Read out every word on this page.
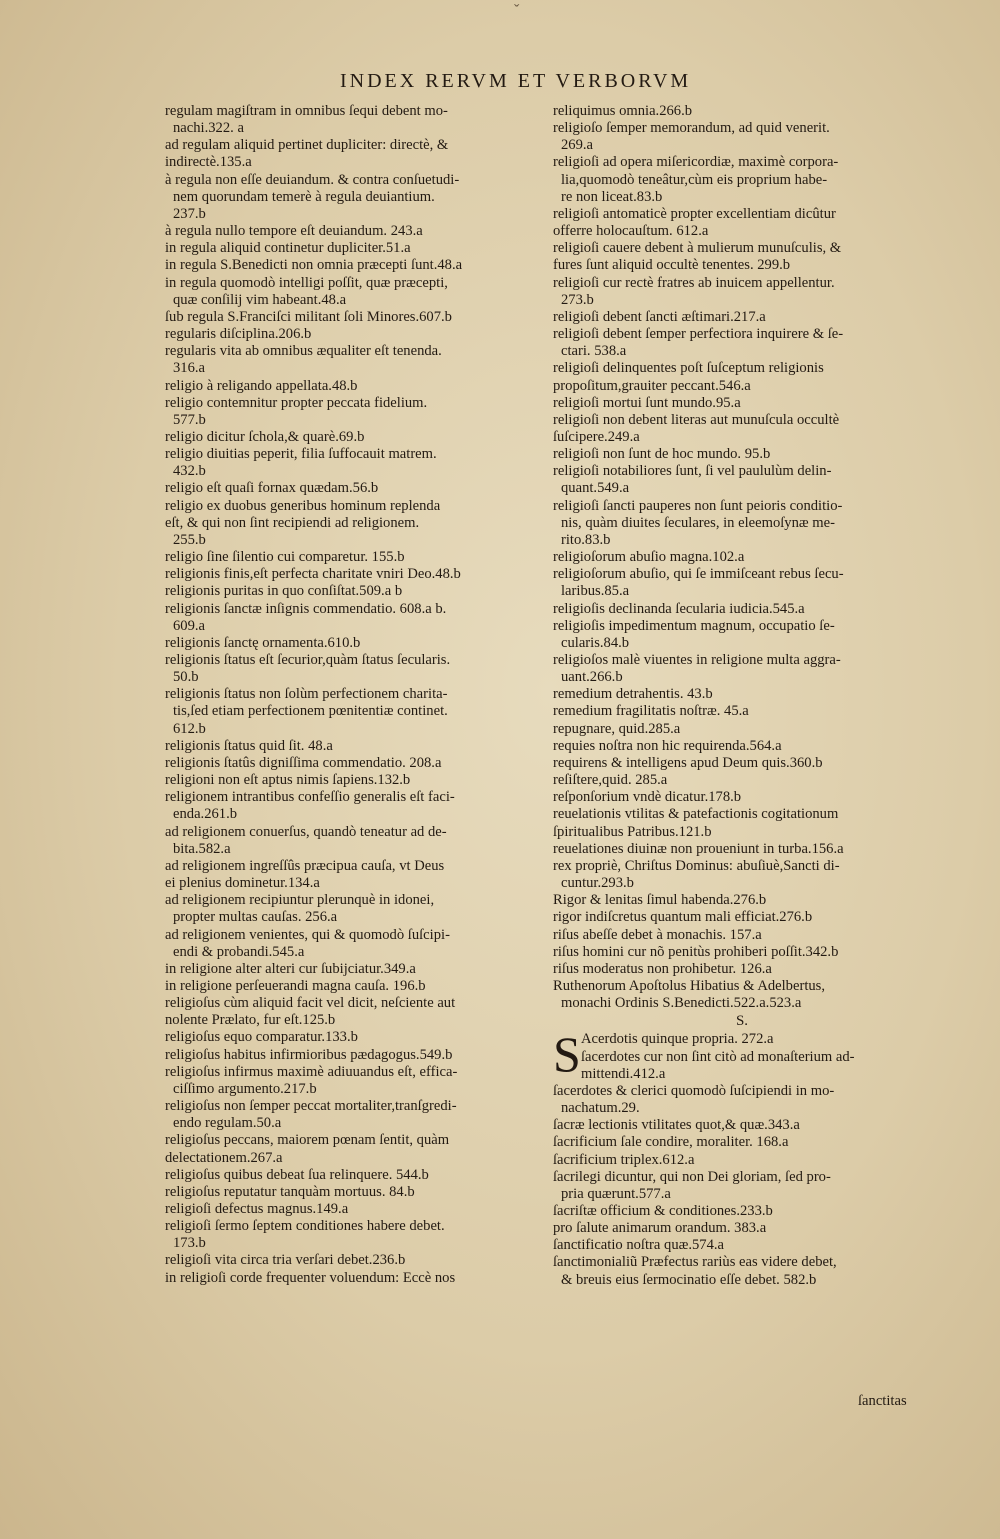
ˇ
INDEX RERVM ET VERBORVM
regulam magiſtram in omnibus ſequi debent mo-
nachi.322. a
ad regulam aliquid pertinet dupliciter: directè, &
indirectè.135.a
à regula non eſſe deuiandum. & contra conſuetudi-
nem quorundam temerè à regula deuiantium.
237.b
à regula nullo tempore eſt deuiandum. 243.a
in regula aliquid continetur dupliciter.51.a
in regula S.Benedicti non omnia præcepti ſunt.48.a
in regula quomodò intelligi poſſit, quæ præcepti,
quæ conſilij vim habeant.48.a
ſub regula S.Franciſci militant ſoli Minores.607.b
regularis diſciplina.206.b
regularis vita ab omnibus æqualiter eſt tenenda.
316.a
religio à religando appellata.48.b
religio contemnitur propter peccata fidelium.
577.b
religio dicitur ſchola,& quarè.69.b
religio diuitias peperit, filia ſuffocauit matrem.
432.b
religio eſt quaſi fornax quædam.56.b
religio ex duobus generibus hominum replenda
eſt, & qui non ſint recipiendi ad religionem.
255.b
religio ſine ſilentio cui comparetur. 155.b
religionis finis,eſt perfecta charitate vniri Deo.48.b
religionis puritas in quo conſiſtat.509.a b
religionis ſanctæ inſignis commendatio. 608.a b.
609.a
religionis ſanctę ornamenta.610.b
religionis ſtatus eſt ſecurior,quàm ſtatus ſecularis.
50.b
religionis ſtatus non ſolùm perfectionem charita-
tis,ſed etiam perfectionem pœnitentiæ continet.
612.b
religionis ſtatus quid ſit. 48.a
religionis ſtatûs digniſſima commendatio. 208.a
religioni non eſt aptus nimis ſapiens.132.b
religionem intrantibus confeſſio generalis eſt faci-
enda.261.b
ad religionem conuerſus, quandò teneatur ad de-
bita.582.a
ad religionem ingreſſûs præcipua cauſa, vt Deus
ei plenius dominetur.134.a
ad religionem recipiuntur plerunquè in idonei,
propter multas cauſas. 256.a
ad religionem venientes, qui & quomodò ſuſcipi-
endi & probandi.545.a
in religione alter alteri cur ſubijciatur.349.a
in religione perſeuerandi magna cauſa. 196.b
religioſus cùm aliquid facit vel dicit, neſciente aut
nolente Prælato, fur eſt.125.b
religioſus equo comparatur.133.b
religioſus habitus infirmioribus pædagogus.549.b
religioſus infirmus maximè adiuuandus eſt, effica-
ciſſimo argumento.217.b
religioſus non ſemper peccat mortaliter,tranſgredi-
endo regulam.50.a
religioſus peccans, maiorem pœnam ſentit, quàm
delectationem.267.a
religioſus quibus debeat ſua relinquere. 544.b
religioſus reputatur tanquàm mortuus. 84.b
religioſi defectus magnus.149.a
religioſi ſermo ſeptem conditiones habere debet.
173.b
religioſi vita circa tria verſari debet.236.b
in religioſi corde frequenter voluendum: Eccè nos
reliquimus omnia.266.b
religioſo ſemper memorandum, ad quid venerit.
269.a
religioſi ad opera miſericordiæ, maximè corpora-
lia,quomodò teneâtur,cùm eis proprium habe-
re non liceat.83.b
religioſi antomaticè propter excellentiam dicûtur
offerre holocauſtum. 612.a
religioſi cauere debent à mulierum munuſculis, &
fures ſunt aliquid occultè tenentes. 299.b
religioſi cur rectè fratres ab inuicem appellentur.
273.b
religioſi debent ſancti æſtimari.217.a
religioſi debent ſemper perfectiora inquirere & ſe-
ctari. 538.a
religioſi delinquentes poſt ſuſceptum religionis
propoſitum,grauiter peccant.546.a
religioſi mortui ſunt mundo.95.a
religioſi non debent literas aut munuſcula occultè
ſuſcipere.249.a
religioſi non ſunt de hoc mundo. 95.b
religioſi notabiliores ſunt, ſi vel paululùm delin-
quant.549.a
religioſi ſancti pauperes non ſunt peioris conditio-
nis, quàm diuites ſeculares, in eleemoſynæ me-
rito.83.b
religioſorum abuſio magna.102.a
religioſorum abuſio, qui ſe immiſceant rebus ſecu-
laribus.85.a
religioſis declinanda ſecularia iudicia.545.a
religioſis impedimentum magnum, occupatio ſe-
cularis.84.b
religioſos malè viuentes in religione multa aggra-
uant.266.b
remedium detrahentis. 43.b
remedium fragilitatis noſtræ. 45.a
repugnare, quid.285.a
requies noſtra non hic requirenda.564.a
requirens & intelligens apud Deum quis.360.b
reſiſtere,quid. 285.a
reſponſorium vndè dicatur.178.b
reuelationis vtilitas & patefactionis cogitationum
ſpiritualibus Patribus.121.b
reuelationes diuinæ non proueniunt in turba.156.a
rex propriè, Chriſtus Dominus: abuſiuè,Sancti di-
cuntur.293.b
Rigor & lenitas ſimul habenda.276.b
rigor indiſcretus quantum mali efficiat.276.b
riſus abeſſe debet à monachis. 157.a
riſus homini cur nõ penitùs prohiberi poſſit.342.b
riſus moderatus non prohibetur. 126.a
Ruthenorum Apoſtolus Hibatius & Adelbertus,
monachi Ordinis S.Benedicti.522.a.523.a
S.
S Acerdotis quinque propria. 272.a
ſacerdotes cur non ſint citò ad monaſterium ad-
mittendi.412.a
ſacerdotes & clerici quomodò ſuſcipiendi in mo-
nachatum.29.
ſacræ lectionis vtilitates quot,& quæ.343.a
ſacrificium ſale condire, moraliter. 168.a
ſacrificium triplex.612.a
ſacrilegi dicuntur, qui non Dei gloriam, ſed pro-
pria quærunt.577.a
ſacriſtæ officium & conditiones.233.b
pro ſalute animarum orandum. 383.a
ſanctificatio noſtra quæ.574.a
ſanctimonialiũ Præfectus rariùs eas videre debet,
& breuis eius ſermocinatio eſſe debet. 582.b
ſanctitas
